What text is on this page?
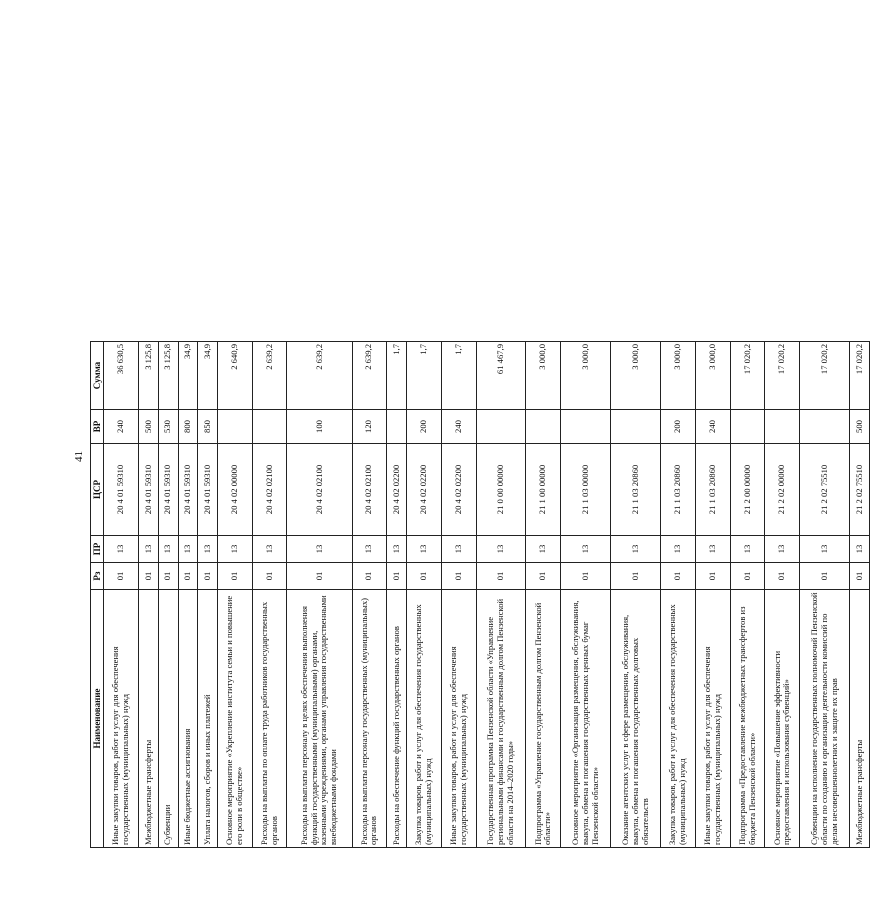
41
Наименование	Рз	ПР	ЦСР	ВР	Сумма
Иные закупки товаров, работ и услуг для обеспечения государственных (муниципальных) нужд	01	13	20 4 01 59310	240	36 630,5
Межбюджетные трансферты	01	13	20 4 01 59310	500	3 125,8
Субвенции	01	13	20 4 01 59310	530	3 125,8
Иные бюджетные ассигнования	01	13	20 4 01 59310	800	34,9
Уплата налогов, сборов и иных платежей	01	13	20 4 01 59310	850	34,9
Основное мероприятие «Укрепление института семьи и повышение его роли в обществе»	01	13	20 4 02 00000		2 640,9
Расходы на выплаты по оплате труда работников государственных органов	01	13	20 4 02 02100		2 639,2
Расходы на выплаты персоналу в целях обеспечения выполнения функций государственными (муниципальными) органами, казенными учреждениями, органами управления государственными внебюджетными фондами	01	13	20 4 02 02100	100	2 639,2
Расходы на выплаты персоналу государственных (муниципальных) органов	01	13	20 4 02 02100	120	2 639,2
Расходы на обеспечение функций государственных органов	01	13	20 4 02 02200		1,7
Закупка товаров, работ и услуг для обеспечения государственных (муниципальных) нужд	01	13	20 4 02 02200	200	1,7
Иные закупки товаров, работ и услуг для обеспечения государственных (муниципальных) нужд	01	13	20 4 02 02200	240	1,7
Государственная программа Пензенской области «Управление региональными финансами и государственным долгом Пензенской области на 2014–2020 годы»	01	13	21 0 00 00000		61 467,9
Подпрограмма «Управление государственным долгом Пензенской области»	01	13	21 1 00 00000		3 000,0
Основное мероприятие «Организация размещения, обслуживания, выкупа, обмена и погашения государственных ценных бумаг Пензенской области»	01	13	21 1 03 00000		3 000,0
Оказание агентских услуг в сфере размещения, обслуживания, выкупа, обмена и погашения государственных долговых обязательств	01	13	21 1 03 20860		3 000,0
Закупка товаров, работ и услуг для обеспечения государственных (муниципальных) нужд	01	13	21 1 03 20860	200	3 000,0
Иные закупки товаров, работ и услуг для обеспечения государственных (муниципальных) нужд	01	13	21 1 03 20860	240	3 000,0
Подпрограмма «Предоставление межбюджетных трансфертов из бюджета Пензенской области»	01	13	21 2 00 00000		17 020,2
Основное мероприятие «Повышение эффективности предоставления и использования субвенций»	01	13	21 2 02 00000		17 020,2
Субвенции на исполнение государственных полномочий Пензенской области по созданию и организации деятельности комиссий по делам несовершеннолетних и защите их прав	01	13	21 2 02 75510		17 020,2
Межбюджетные трансферты	01	13	21 2 02 75510	500	17 020,2
